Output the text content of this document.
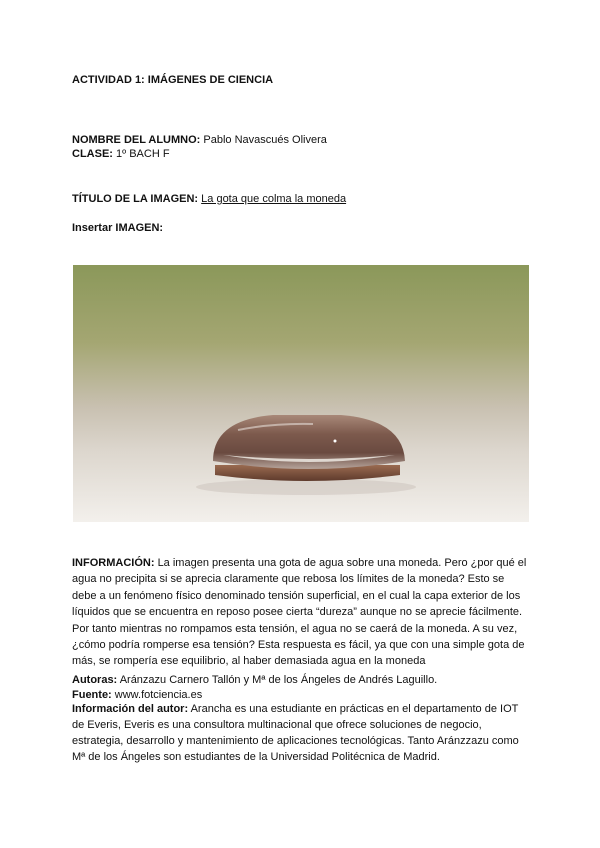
ACTIVIDAD 1: IMÁGENES DE CIENCIA
NOMBRE DEL ALUMNO: Pablo Navascués Olivera
CLASE: 1º BACH F
TÍTULO DE LA IMAGEN: La gota que colma la moneda
Insertar IMAGEN:
INFORMACIÓN: La imagen presenta una gota de agua sobre una moneda. Pero ¿por qué el agua no precipita si se aprecia claramente que rebosa los límites de la moneda? Esto se debe a un fenómeno físico denominado tensión superficial, en el cual la capa exterior de los líquidos que se encuentra en reposo posee cierta “dureza” aunque no se aprecie fácilmente. Por tanto mientras no rompamos esta tensión, el agua no se caerá de la moneda. A su vez, ¿cómo podría romperse esa tensión? Esta respuesta es fácil, ya que con una simple gota de más, se rompería ese equilibrio, al haber demasiada agua en la moneda
Autoras: Aránzazu Carnero Tallón y Mª de los Ángeles de Andrés Laguillo.
Fuente: www.fotciencia.es
Información del autor: Arancha es una estudiante en prácticas en el departamento de IOT de Everis, Everis es una consultora multinacional que ofrece soluciones de negocio, estrategia, desarrollo y mantenimiento de aplicaciones tecnológicas. Tanto Aránzzazu como Mª de los Ángeles son estudiantes de la Universidad Politécnica de Madrid.
